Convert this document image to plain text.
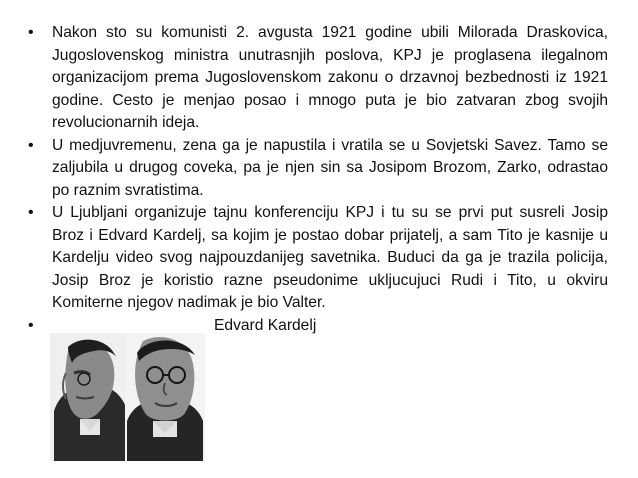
• Nakon sto su komunisti 2. avgusta 1921 godine ubili Milorada Draskovica, Jugoslovenskog ministra unutrasnjih poslova, KPJ je proglasena ilegalnom organizacijom prema Jugoslovenskom zakonu o drzavnoj bezbednosti iz 1921 godine. Cesto je menjao posao i mnogo puta je bio zatvaran zbog svojih revolucionarnih ideja.
• U medjuvremenu, zena ga je napustila i vratila se u Sovjetski Savez. Tamo se zaljubila u drugog coveka, pa je njen sin sa Josipom Brozom, Zarko, odrastao po raznim svratistima.
• U Ljubljani organizuje tajnu konferenciju KPJ i tu su se prvi put susreli Josip Broz i Edvard Kardelj, sa kojim je postao dobar prijatelj, a sam Tito je kasnije u Kardelju video svog najpouzdanijeg savetnika. Buduci da ga je trazila policija, Josip Broz je koristio razne pseudonime ukljucujuci Rudi i Tito, u okviru Komiterne njegov nadimak je bio Valter.
•	Edvard Kardelj
